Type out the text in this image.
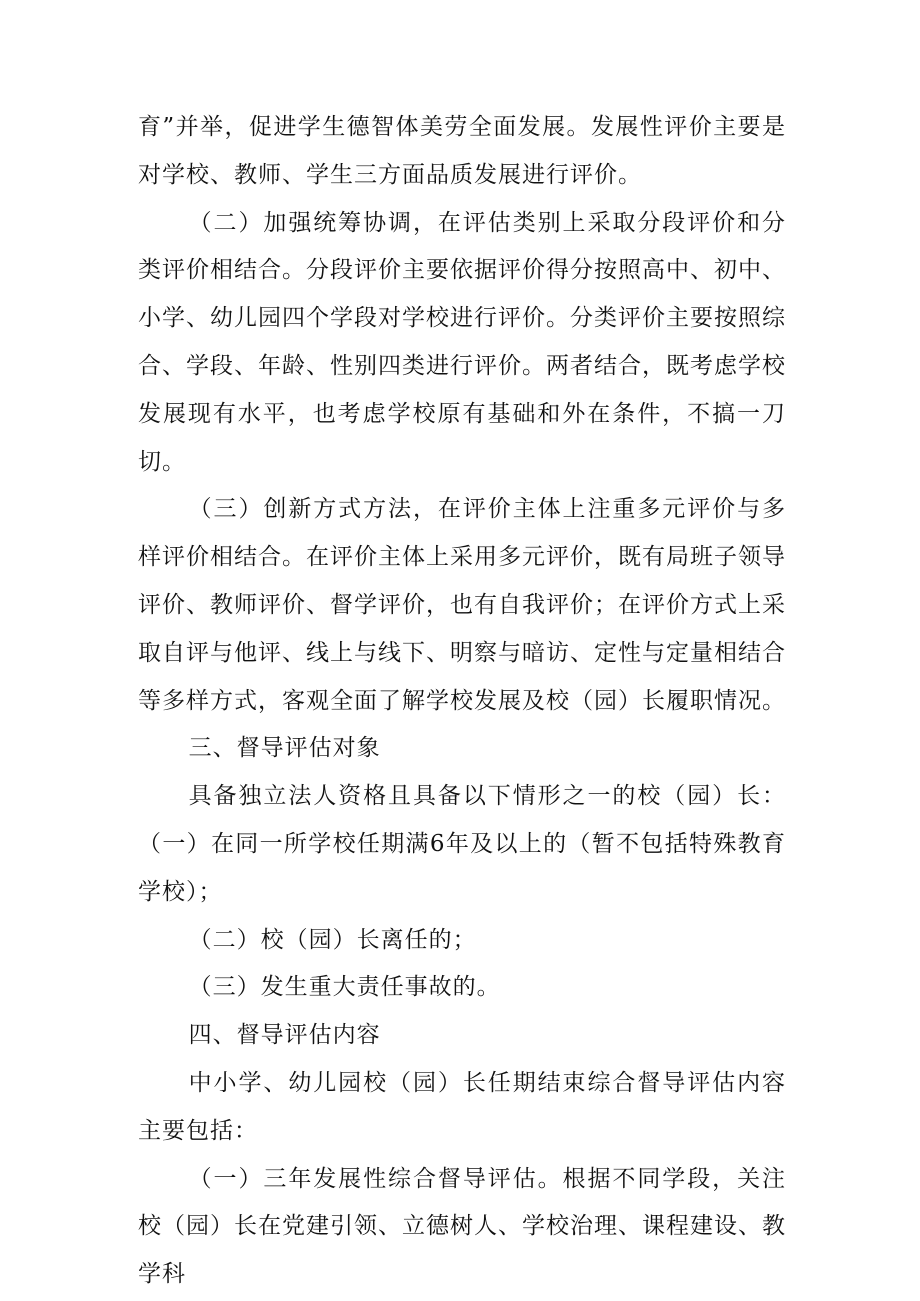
育”并举，促进学生德智体美劳全面发展。发展性评价主要是对学校、教师、学生三方面品质发展进行评价。

（二）加强统筹协调，在评估类别上采取分段评价和分类评价相结合。分段评价主要依据评价得分按照高中、初中、小学、幼儿园四个学段对学校进行评价。分类评价主要按照综合、学段、年龄、性别四类进行评价。两者结合，既考虑学校发展现有水平，也考虑学校原有基础和外在条件，不搞一刀切。

（三）创新方式方法，在评价主体上注重多元评价与多样评价相结合。在评价主体上采用多元评价，既有局班子领导评价、教师评价、督学评价，也有自我评价；在评价方式上采取自评与他评、线上与线下、明察与暗访、定性与定量相结合等多样方式，客观全面了解学校发展及校（园）长履职情况。

三、督导评估对象

具备独立法人资格且具备以下情形之一的校（园）长：（一）在同一所学校任期满6年及以上的（暂不包括特殊教育学校）；

（二）校（园）长离任的；

（三）发生重大责任事故的。

四、督导评估内容

中小学、幼儿园校（园）长任期结束综合督导评估内容主要包括：

（一）三年发展性综合督导评估。根据不同学段，关注校（园）长在党建引领、立德树人、学校治理、课程建设、教学科
